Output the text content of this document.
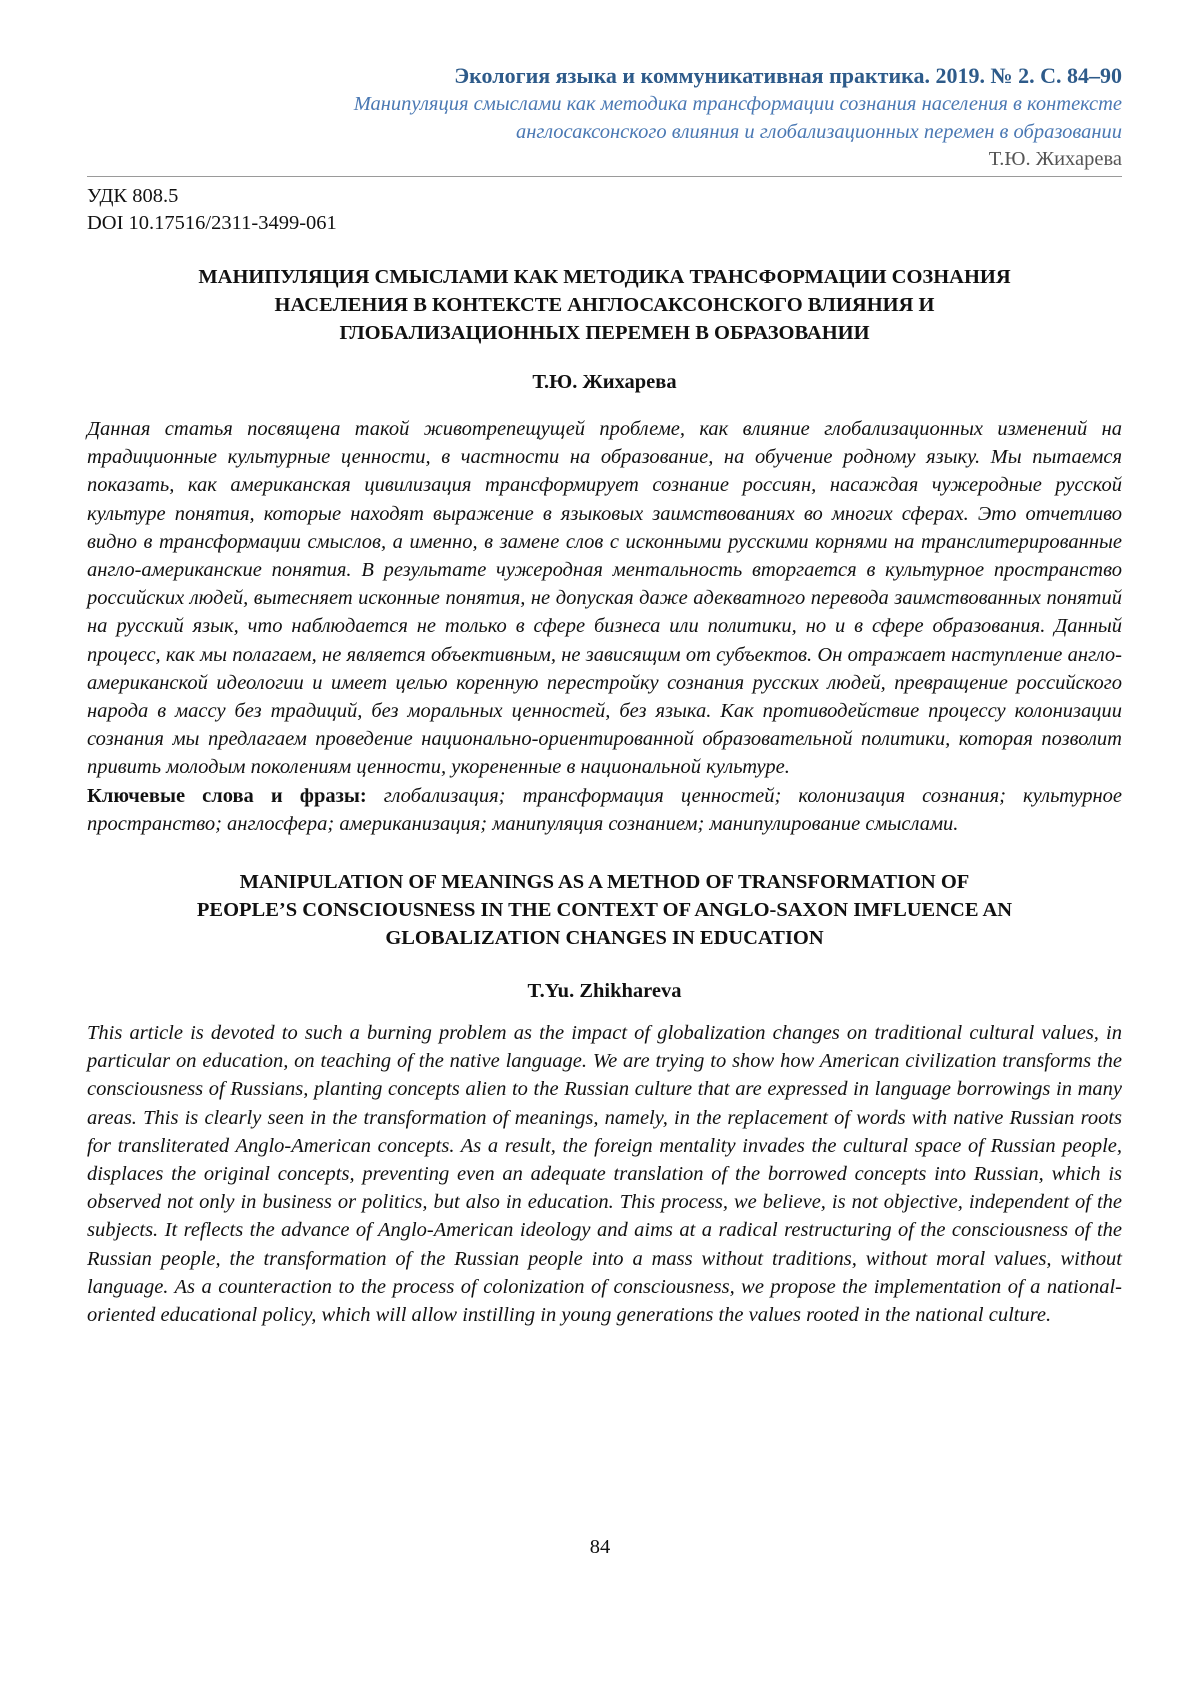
Экология языка и коммуникативная практика. 2019. № 2. С. 84–90
Манипуляция смыслами как методика трансформации сознания населения в контексте
англосаксонского влияния и глобализационных перемен в образовании
Т.Ю. Жихарева
УДК 808.5
DOI 10.17516/2311-3499-061
МАНИПУЛЯЦИЯ СМЫСЛАМИ КАК МЕТОДИКА ТРАНСФОРМАЦИИ СОЗНАНИЯ
НАСЕЛЕНИЯ В КОНТЕКСТЕ АНГЛОСАКСОНСКОГО ВЛИЯНИЯ И
ГЛОБАЛИЗАЦИОННЫХ ПЕРЕМЕН В ОБРАЗОВАНИИ
Т.Ю. Жихарева
Данная статья посвящена такой животрепещущей проблеме, как влияние глобализационных изменений на традиционные культурные ценности, в частности на образование, на обучение родному языку. Мы пытаемся показать, как американская цивилизация трансформирует сознание россиян, насаждая чужеродные русской культуре понятия, которые находят выражение в языковых заимствованиях во многих сферах. Это отчетливо видно в трансформации смыслов, а именно, в замене слов с исконными русскими корнями на транслитерированные англо-американские понятия. В результате чужеродная ментальность вторгается в культурное пространство российских людей, вытесняет исконные понятия, не допуская даже адекватного перевода заимствованных понятий на русский язык, что наблюдается не только в сфере бизнеса или политики, но и в сфере образования. Данный процесс, как мы полагаем, не является объективным, не зависящим от субъектов. Он отражает наступление англо-американской идеологии и имеет целью коренную перестройку сознания русских людей, превращение российского народа в массу без традиций, без моральных ценностей, без языка. Как противодействие процессу колонизации сознания мы предлагаем проведение национально-ориентированной образовательной политики, которая позволит привить молодым поколениям ценности, укорененные в национальной культуре.
Ключевые слова и фразы: глобализация; трансформация ценностей; колонизация сознания; культурное пространство; англосфера; американизация; манипуляция сознанием; манипулирование смыслами.
MANIPULATION OF MEANINGS AS A METHOD OF TRANSFORMATION OF
PEOPLE’S CONSCIOUSNESS IN THE CONTEXT OF ANGLO-SAXON IMFLUENCE AN
GLOBALIZATION CHANGES IN EDUCATION
T.Yu. Zhikhareva
This article is devoted to such a burning problem as the impact of globalization changes on traditional cultural values, in particular on education, on teaching of the native language. We are trying to show how American civilization transforms the consciousness of Russians, planting concepts alien to the Russian culture that are expressed in language borrowings in many areas. This is clearly seen in the transformation of meanings, namely, in the replacement of words with native Russian roots for transliterated Anglo-American concepts. As a result, the foreign mentality invades the cultural space of Russian people, displaces the original concepts, preventing even an adequate translation of the borrowed concepts into Russian, which is observed not only in business or politics, but also in education. This process, we believe, is not objective, independent of the subjects. It reflects the advance of Anglo-American ideology and aims at a radical restructuring of the consciousness of the Russian people, the transformation of the Russian people into a mass without traditions, without moral values, without language. As a counteraction to the process of colonization of consciousness, we propose the implementation of a national-oriented educational policy, which will allow instilling in young generations the values rooted in the national culture.
84
